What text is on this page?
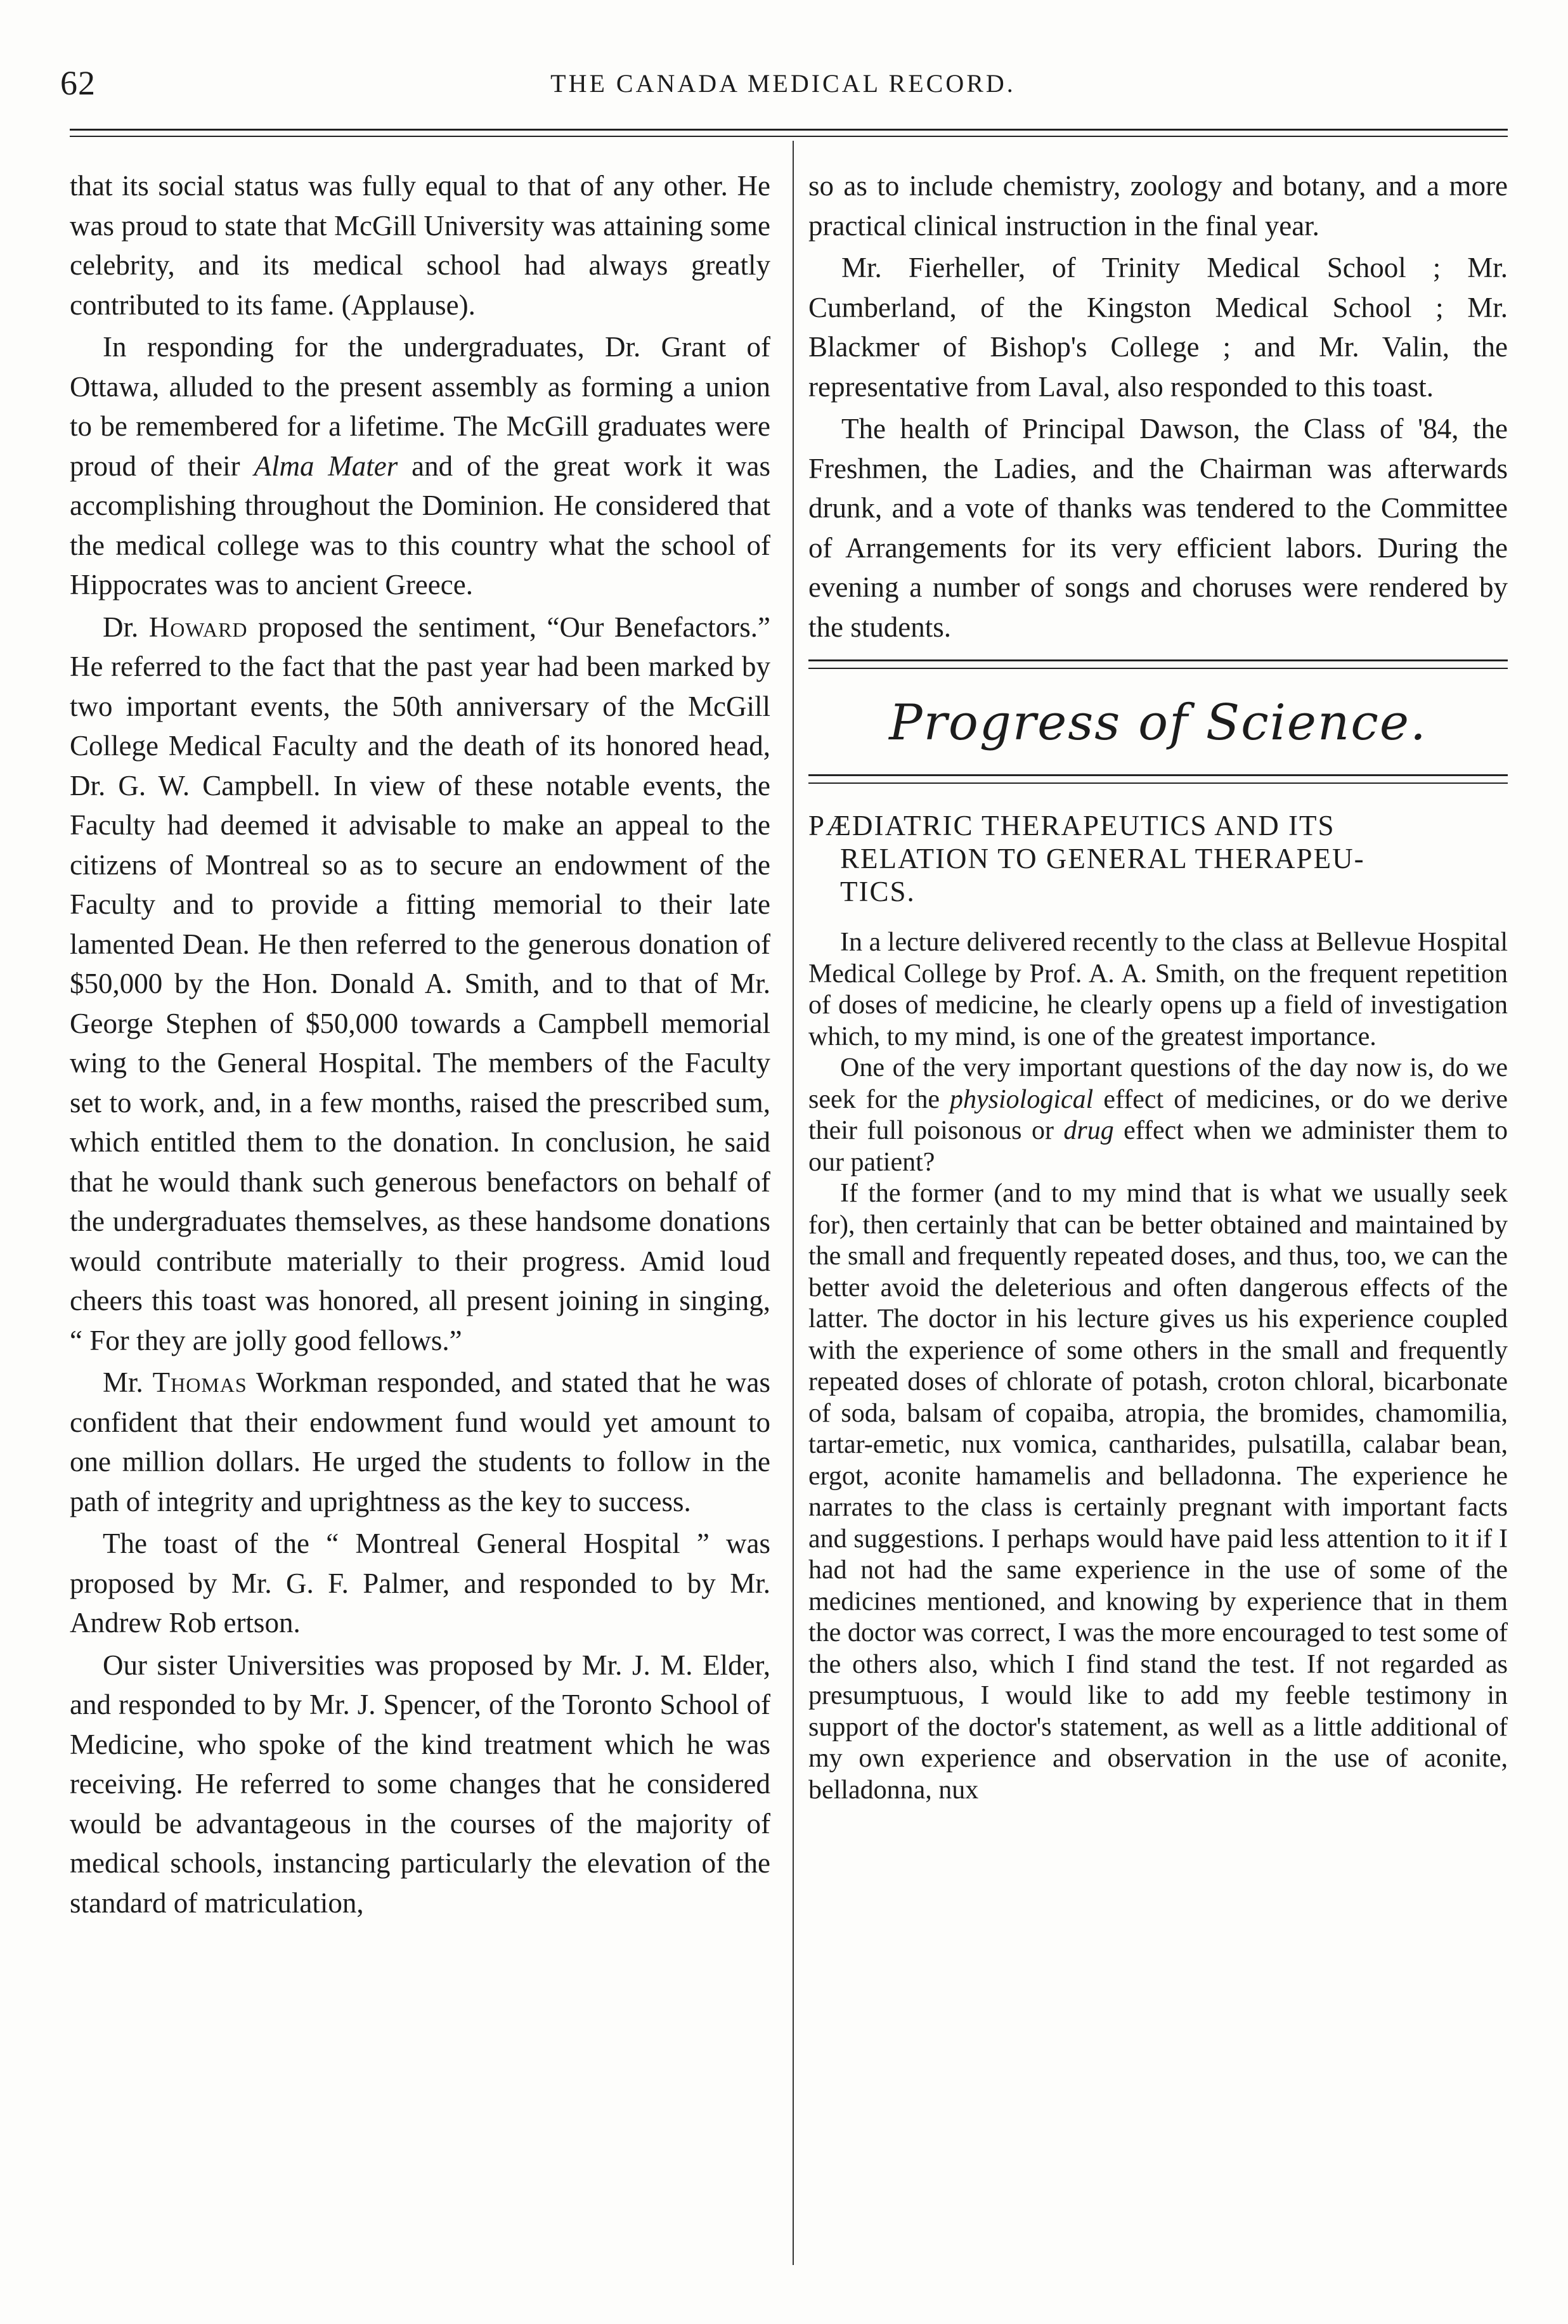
62	THE CANADA MEDICAL RECORD.

that its social status was fully equal to that of any other. He was proud to state that McGill University was attaining some celebrity, and its medical school had always greatly contributed to its fame. (Applause).

In responding for the undergraduates, Dr. Grant of Ottawa, alluded to the present assembly as forming a union to be remembered for a lifetime. The McGill graduates were proud of their Alma Mater and of the great work it was accomplishing throughout the Dominion. He considered that the medical college was to this country what the school of Hippocrates was to ancient Greece.

Dr. Howard proposed the sentiment, “Our Benefactors.” He referred to the fact that the past year had been marked by two important events, the 50th anniversary of the McGill College Medical Faculty and the death of its honored head, Dr. G. W. Campbell. In view of these notable events, the Faculty had deemed it advisable to make an appeal to the citizens of Montreal so as to secure an endowment of the Faculty and to provide a fitting memorial to their late lamented Dean. He then referred to the generous donation of $50,000 by the Hon. Donald A. Smith, and to that of Mr. George Stephen of $50,000 towards a Campbell memorial wing to the General Hospital. The members of the Faculty set to work, and, in a few months, raised the prescribed sum, which entitled them to the donation. In conclusion, he said that he would thank such generous benefactors on behalf of the undergraduates themselves, as these handsome donations would contribute materially to their progress. Amid loud cheers this toast was honored, all present joining in singing, “ For they are jolly good fellows.”

Mr. Thomas Workman responded, and stated that he was confident that their endowment fund would yet amount to one million dollars. He urged the students to follow in the path of integrity and uprightness as the key to success.

The toast of the “ Montreal General Hospital ” was proposed by Mr. G. F. Palmer, and responded to by Mr. Andrew Rob ertson.

Our sister Universities was proposed by Mr. J. M. Elder, and responded to by Mr. J. Spencer, of the Toronto School of Medicine, who spoke of the kind treatment which he was receiving. He referred to some changes that he considered would be advantageous in the courses of the majority of medical schools, instancing particularly the elevation of the standard of matriculation,

so as to include chemistry, zoology and botany, and a more practical clinical instruction in the final year.

Mr. Fierheller, of Trinity Medical School ; Mr. Cumberland, of the Kingston Medical School ; Mr. Blackmer of Bishop's College ; and Mr. Valin, the representative from Laval, also responded to this toast.

The health of Principal Dawson, the Class of '84, the Freshmen, the Ladies, and the Chairman was afterwards drunk, and a vote of thanks was tendered to the Committee of Arrangements for its very efficient labors. During the evening a number of songs and choruses were rendered by the students.

Progress of Science.
PÆDIATRIC THERAPEUTICS AND ITS
RELATION TO GENERAL THERAPEU-
TICS.

In a lecture delivered recently to the class at Bellevue Hospital Medical College by Prof. A. A. Smith, on the frequent repetition of doses of medicine, he clearly opens up a field of investigation which, to my mind, is one of the greatest importance.

One of the very important questions of the day now is, do we seek for the physiological effect of medicines, or do we derive their full poisonous or drug effect when we administer them to our patient?

If the former (and to my mind that is what we usually seek for), then certainly that can be better obtained and maintained by the small and frequently repeated doses, and thus, too, we can the better avoid the deleterious and often dangerous effects of the latter. The doctor in his lecture gives us his experience coupled with the experience of some others in the small and frequently repeated doses of chlorate of potash, croton chloral, bicarbonate of soda, balsam of copaiba, atropia, the bromides, chamomilia, tartar-emetic, nux vomica, cantharides, pulsatilla, calabar bean, ergot, aconite hamamelis and belladonna. The experience he narrates to the class is certainly pregnant with important facts and suggestions. I perhaps would have paid less attention to it if I had not had the same experience in the use of some of the medicines mentioned, and knowing by experience that in them the doctor was correct, I was the more encouraged to test some of the others also, which I find stand the test. If not regarded as presumptuous, I would like to add my feeble testimony in support of the doctor's statement, as well as a little additional of my own experience and observation in the use of aconite, belladonna, nux
